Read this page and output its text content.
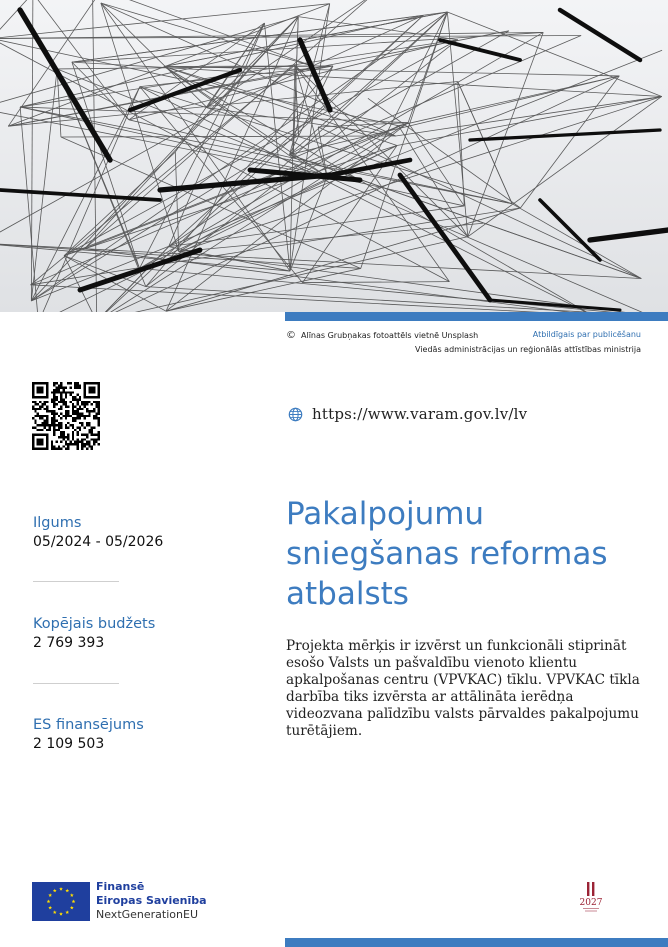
© Alīnas Grubņakas fotoattēls vietnē Unsplash	Atbildīgais par publicēšanu
Viedās administrācijas un reģionālās attīstības ministrija
https://www.varam.gov.lv/lv
Ilgums
05/2024 - 05/2026
Kopējais budžets
2 769 393
ES finansējums
2 109 503
Pakalpojumu sniegšanas reformas atbalsts

Projekta mērķis ir izvērst un funkcionāli stiprināt esošo Valsts un pašvaldību vienoto klientu apkalpošanas centru (VPVKAC) tīklu. VPVKAC tīkla darbība tiks izvērsta ar attālināta ierēdņa videozvana palīdzību valsts pārvaldes pakalpojumu turētājiem.

Finansē
Eiropas Savienība
NextGenerationEU
2027
